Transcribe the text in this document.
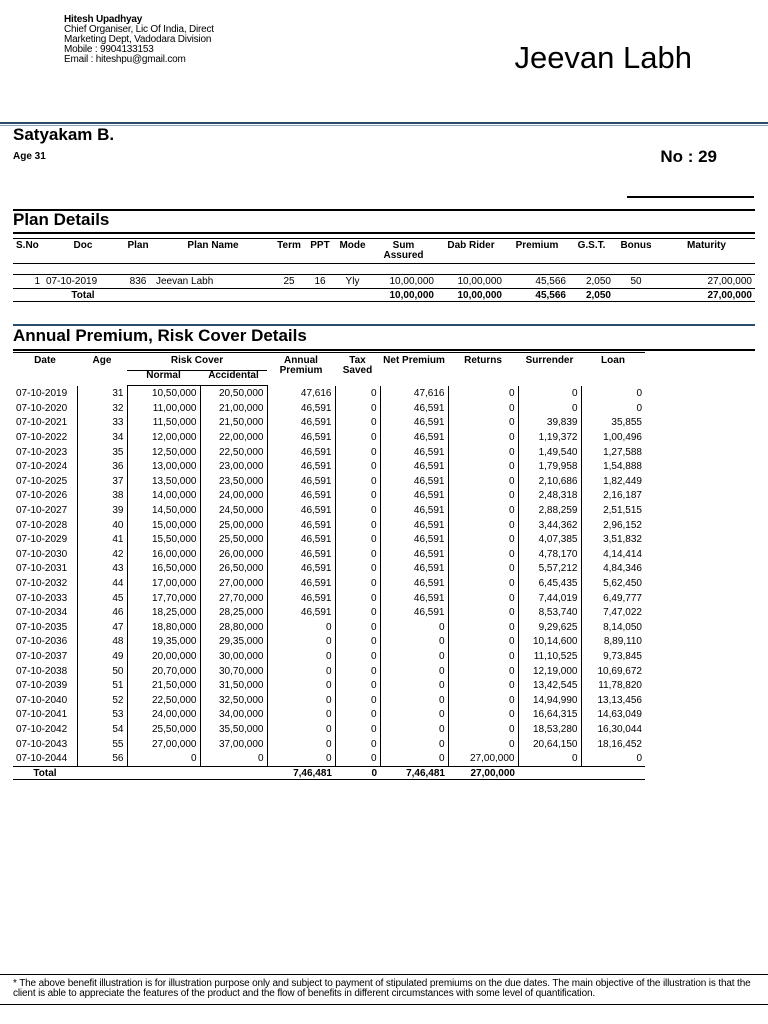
Hitesh Upadhyay
Chief Organiser, Lic Of India, Direct
Marketing Dept, Vadodara Division
Mobile : 9904133153
Email : hiteshpu@gmail.com	Jeevan Labh
Satyakam B.
Age 31	No : 29
Plan Details
S.No	Doc	Plan	Plan Name	Term	PPT	Mode	Sum Assured	Dab Rider	Premium	G.S.T.	Bonus	Maturity

1	07-10-2019	836	Jeevan Labh	25	16	Yly	10,00,000	10,00,000	45,566	2,050	50	27,00,000
	Total						10,00,000	10,00,000	45,566	2,050		27,00,000
Annual Premium, Risk Cover Details
Date	Age	Risk Cover		Annual Premium	Tax Saved	Net Premium	Returns	Surrender	Loan
		Normal	Accidental						
07-10-2019	31	10,50,000	20,50,000	47,616	0	47,616	0	0	0
07-10-2020	32	11,00,000	21,00,000	46,591	0	46,591	0	0	0
07-10-2021	33	11,50,000	21,50,000	46,591	0	46,591	0	39,839	35,855
07-10-2022	34	12,00,000	22,00,000	46,591	0	46,591	0	1,19,372	1,00,496
07-10-2023	35	12,50,000	22,50,000	46,591	0	46,591	0	1,49,540	1,27,588
07-10-2024	36	13,00,000	23,00,000	46,591	0	46,591	0	1,79,958	1,54,888
07-10-2025	37	13,50,000	23,50,000	46,591	0	46,591	0	2,10,686	1,82,449
07-10-2026	38	14,00,000	24,00,000	46,591	0	46,591	0	2,48,318	2,16,187
07-10-2027	39	14,50,000	24,50,000	46,591	0	46,591	0	2,88,259	2,51,515
07-10-2028	40	15,00,000	25,00,000	46,591	0	46,591	0	3,44,362	2,96,152
07-10-2029	41	15,50,000	25,50,000	46,591	0	46,591	0	4,07,385	3,51,832
07-10-2030	42	16,00,000	26,00,000	46,591	0	46,591	0	4,78,170	4,14,414
07-10-2031	43	16,50,000	26,50,000	46,591	0	46,591	0	5,57,212	4,84,346
07-10-2032	44	17,00,000	27,00,000	46,591	0	46,591	0	6,45,435	5,62,450
07-10-2033	45	17,70,000	27,70,000	46,591	0	46,591	0	7,44,019	6,49,777
07-10-2034	46	18,25,000	28,25,000	46,591	0	46,591	0	8,53,740	7,47,022
07-10-2035	47	18,80,000	28,80,000	0	0	0	0	9,29,625	8,14,050
07-10-2036	48	19,35,000	29,35,000	0	0	0	0	10,14,600	8,89,110
07-10-2037	49	20,00,000	30,00,000	0	0	0	0	11,10,525	9,73,845
07-10-2038	50	20,70,000	30,70,000	0	0	0	0	12,19,000	10,69,672
07-10-2039	51	21,50,000	31,50,000	0	0	0	0	13,42,545	11,78,820
07-10-2040	52	22,50,000	32,50,000	0	0	0	0	14,94,990	13,13,456
07-10-2041	53	24,00,000	34,00,000	0	0	0	0	16,64,315	14,63,049
07-10-2042	54	25,50,000	35,50,000	0	0	0	0	18,53,280	16,30,044
07-10-2043	55	27,00,000	37,00,000	0	0	0	0	20,64,150	18,16,452
07-10-2044	56	0	0	0	0	0	27,00,000	0	0
Total				7,46,481	0	7,46,481	27,00,000		
* The above benefit illustration is for illustration purpose only and subject to payment of stipulated premiums on the due dates. The main objective of the illustration is that the client is able to appreciate the features of the product and the flow of benefits in different circumstances with some level of quantification.
